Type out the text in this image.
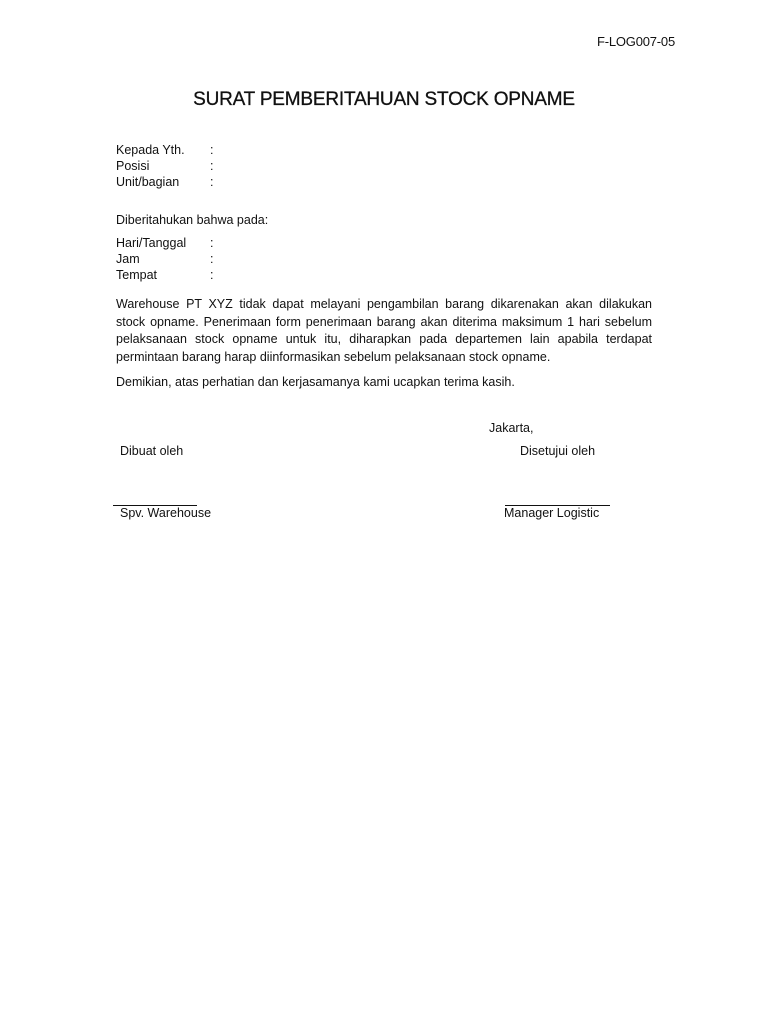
F-LOG007-05
SURAT PEMBERITAHUAN STOCK OPNAME
Kepada Yth.	:
Posisi	:
Unit/bagian	:
Diberitahukan bahwa pada:
Hari/Tanggal	:
Jam	:
Tempat	:

Warehouse PT XYZ tidak dapat melayani pengambilan barang dikarenakan akan dilakukan stock opname. Penerimaan form penerimaan barang akan diterima maksimum 1 hari sebelum pelaksanaan stock opname untuk itu, diharapkan pada departemen lain apabila terdapat permintaan barang harap diinformasikan sebelum pelaksanaan stock opname.

Demikian, atas perhatian dan kerjasamanya kami ucapkan terima kasih.
Jakarta,
Dibuat oleh	Disetujui oleh
Spv. Warehouse	Manager Logistic
